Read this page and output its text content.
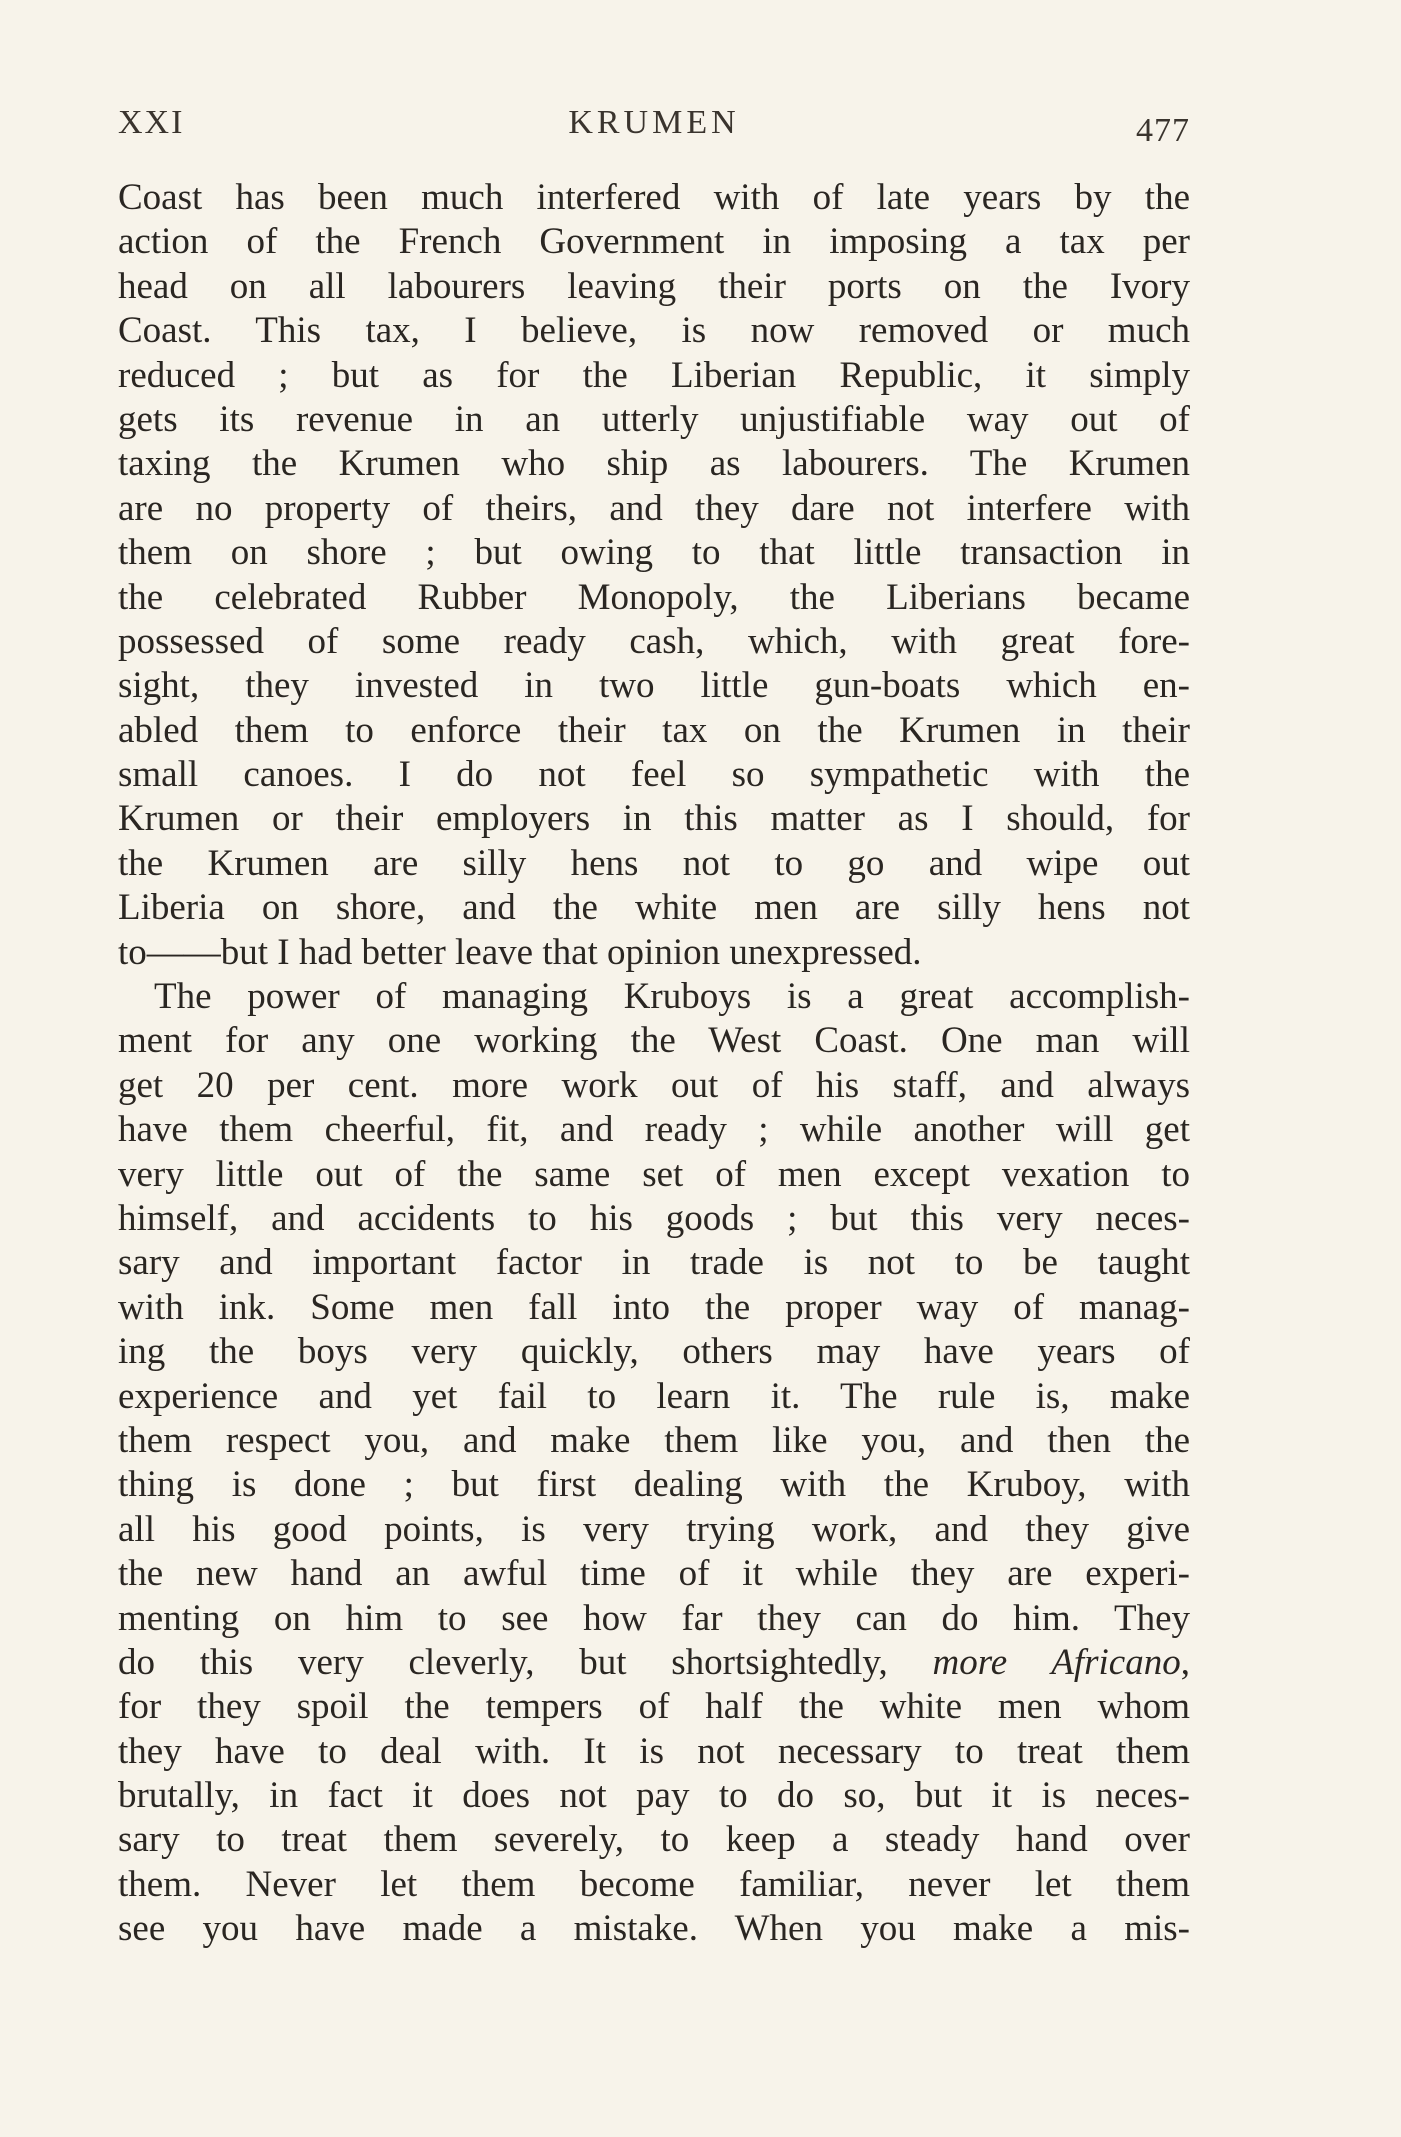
XXI	KRUMEN	477
Coast has been much interfered with of late years by the
action of the French Government in imposing a tax per
head on all labourers leaving their ports on the Ivory
Coast. This tax, I believe, is now removed or much
reduced ; but as for the Liberian Republic, it simply
gets its revenue in an utterly unjustifiable way out of
taxing the Krumen who ship as labourers. The Krumen
are no property of theirs, and they dare not interfere with
them on shore ; but owing to that little transaction in
the celebrated Rubber Monopoly, the Liberians became
possessed of some ready cash, which, with great fore-
sight, they invested in two little gun-boats which en-
abled them to enforce their tax on the Krumen in their
small canoes. I do not feel so sympathetic with the
Krumen or their employers in this matter as I should, for
the Krumen are silly hens not to go and wipe out
Liberia on shore, and the white men are silly hens not
to——but I had better leave that opinion unexpressed.
The power of managing Kruboys is a great accomplish-
ment for any one working the West Coast. One man will
get 20 per cent. more work out of his staff, and always
have them cheerful, fit, and ready ; while another will get
very little out of the same set of men except vexation to
himself, and accidents to his goods ; but this very neces-
sary and important factor in trade is not to be taught
with ink. Some men fall into the proper way of manag-
ing the boys very quickly, others may have years of
experience and yet fail to learn it. The rule is, make
them respect you, and make them like you, and then the
thing is done ; but first dealing with the Kruboy, with
all his good points, is very trying work, and they give
the new hand an awful time of it while they are experi-
menting on him to see how far they can do him. They
do this very cleverly, but shortsightedly, more Africano,
for they spoil the tempers of half the white men whom
they have to deal with. It is not necessary to treat them
brutally, in fact it does not pay to do so, but it is neces-
sary to treat them severely, to keep a steady hand over
them. Never let them become familiar, never let them
see you have made a mistake. When you make a mis-
